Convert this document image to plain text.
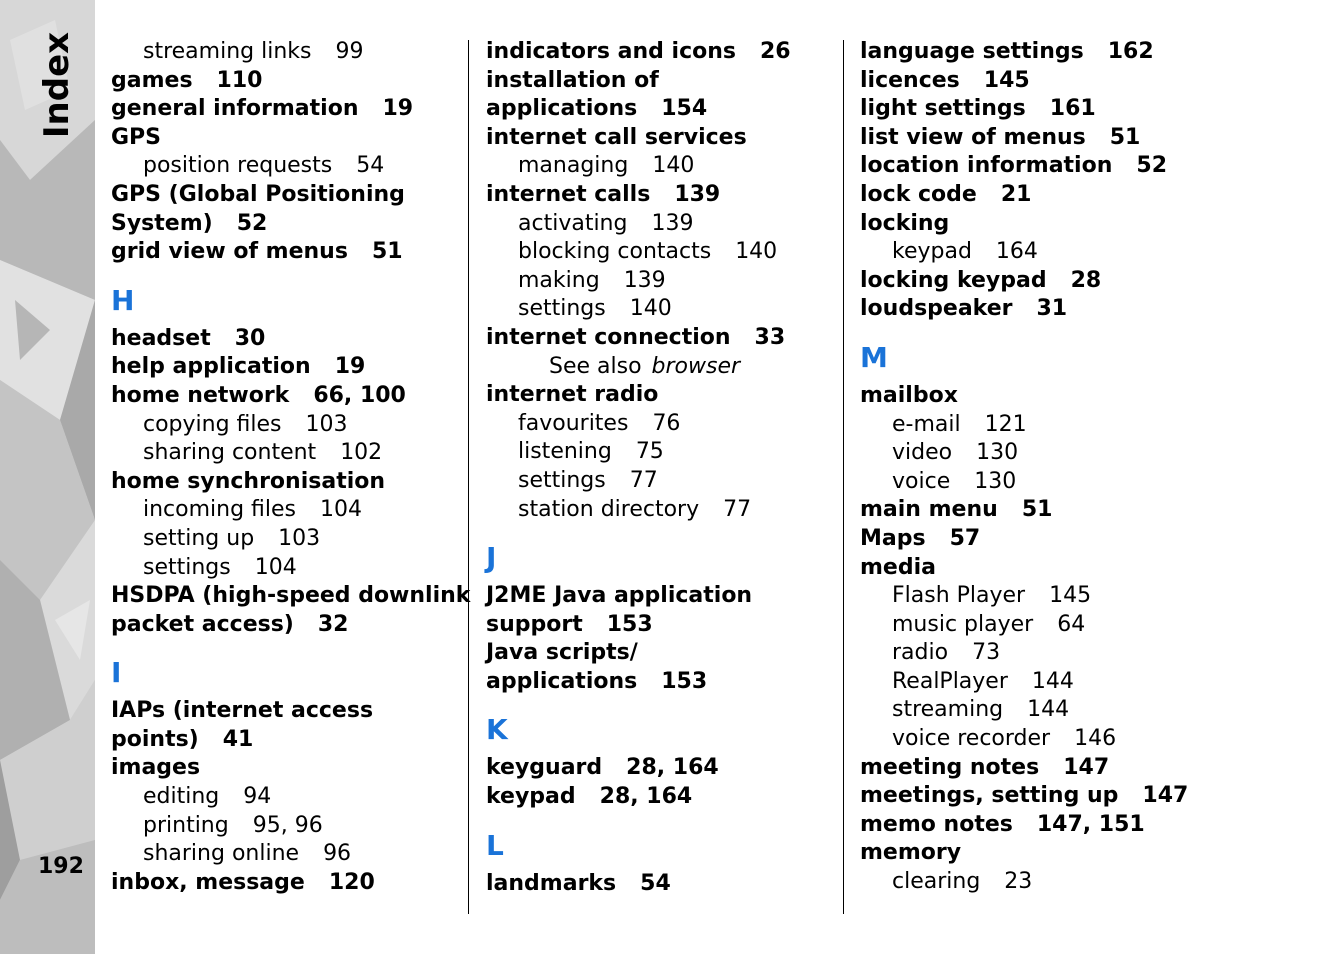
Index
192
streaming links 99
games 110
general information 19
GPS
position requests 54
GPS (Global Positioning
System) 52
grid view of menus 51
H
headset 30
help application 19
home network 66, 100
copying files 103
sharing content 102
home synchronisation
incoming files 104
setting up 103
settings 104
HSDPA (high-speed downlink
packet access) 32
I
IAPs (internet access
points) 41
images
editing 94
printing 95, 96
sharing online 96
inbox, message 120
indicators and icons 26
installation of
applications 154
internet call services
managing 140
internet calls 139
activating 139
blocking contacts 140
making 139
settings 140
internet connection 33
See also browser
internet radio
favourites 76
listening 75
settings 77
station directory 77
J
J2ME Java application
support 153
Java scripts/
applications 153
K
keyguard 28, 164
keypad 28, 164
L
landmarks 54
language settings 162
licences 145
light settings 161
list view of menus 51
location information 52
lock code 21
locking
keypad 164
locking keypad 28
loudspeaker 31
M
mailbox
e-mail 121
video 130
voice 130
main menu 51
Maps 57
media
Flash Player 145
music player 64
radio 73
RealPlayer 144
streaming 144
voice recorder 146
meeting notes 147
meetings, setting up 147
memo notes 147, 151
memory
clearing 23
